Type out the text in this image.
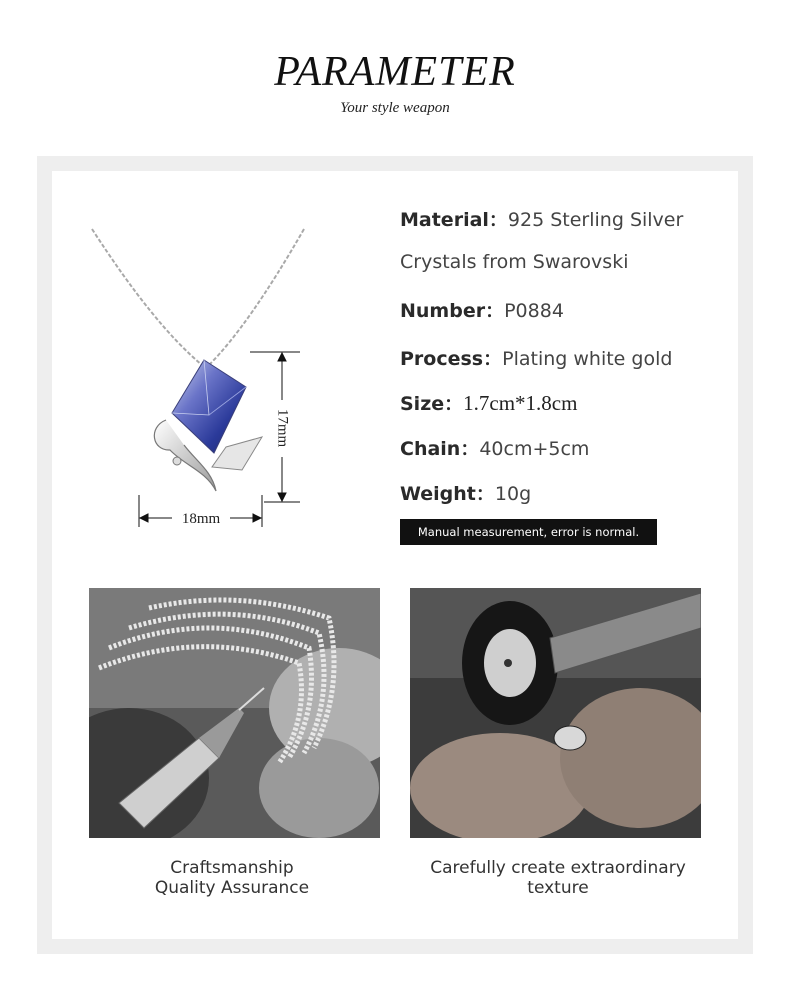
PARAMETER
Your style weapon
17mm
18mm
Material：925 Sterling Silver
Crystals from Swarovski
Number：P0884
Process：Plating white gold
Size：1.7cm*1.8cm
Chain：40cm+5cm
Weight：10g
Manual measurement, error is normal.
Craftsmanship
Quality Assurance
Carefully create extraordinary
texture
